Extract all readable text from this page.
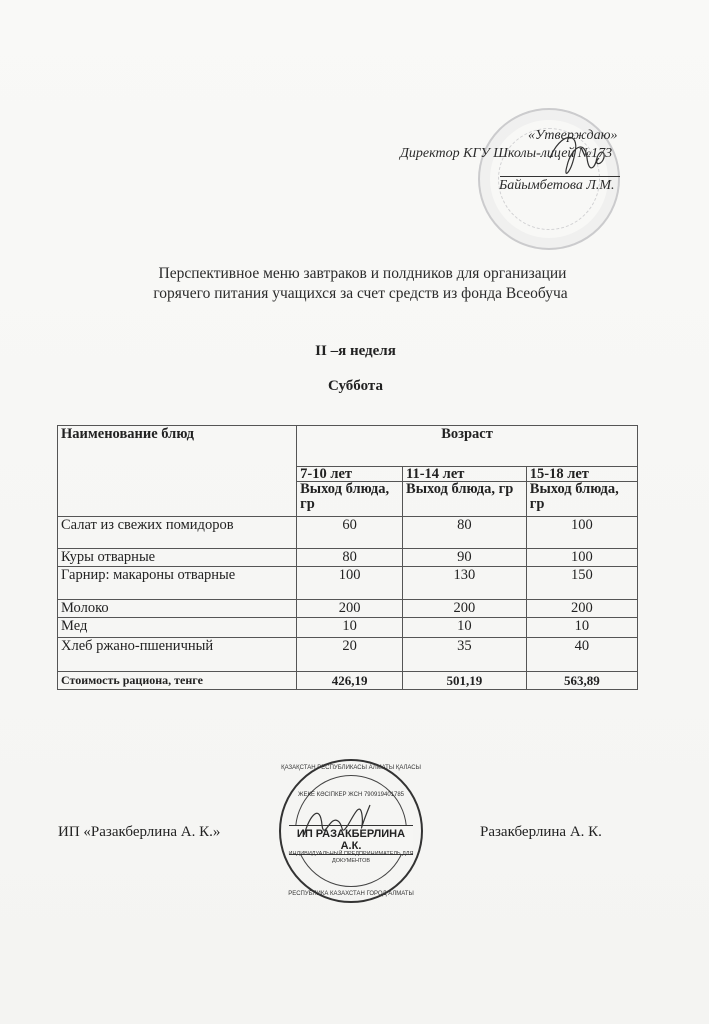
«Утверждаю»
Директор КГУ Школы-лицей №173
Байымбетова Л.М.
Перспективное меню завтраков и полдников для организации
горячего питания учащихся за счет средств из фонда Всеобуча
II –я неделя
Суббота
Наименование блюд	Возраст		
	7-10 лет	11-14 лет	15-18 лет
	Выход блюда, гр	Выход блюда, гр	Выход блюда, гр
Салат из свежих помидоров	60	80	100
Куры отварные	80	90	100
Гарнир: макароны отварные	100	130	150
Молоко	200	200	200
Мед	10	10	10
Хлеб ржано-пшеничный	20	35	40
Стоимость рациона, тенге	426,19	501,19	563,89
ИП «Разакберлина А. К.»
ҚАЗАҚСТАН РЕСПУБЛИКАСЫ АЛМАТЫ ҚАЛАСЫ
ЖЕКЕ КӘСІПКЕР ЖСН 790919401785
ИП РАЗАКБЕРЛИНА А.К.
ИНДИВИДУАЛЬНЫЙ ПРЕДПРИНИМАТЕЛЬ ДЛЯ ДОКУМЕНТОВ
РЕСПУБЛИКА КАЗАХСТАН ГОРОД АЛМАТЫ
Разакберлина А. К.
